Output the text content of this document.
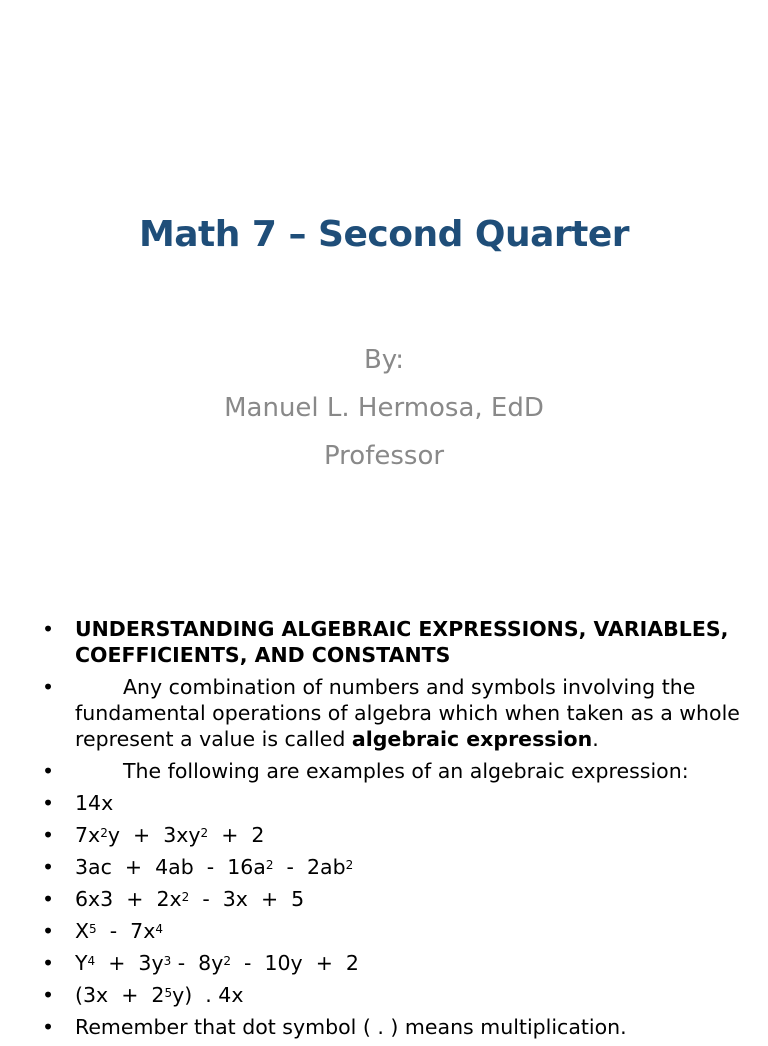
Math 7 – Second Quarter
By:
Manuel L. Hermosa, EdD
Professor
• UNDERSTANDING ALGEBRAIC EXPRESSIONS, VARIABLES, COEFFICIENTS, AND CONSTANTS
•	Any combination of numbers and symbols involving the fundamental operations of algebra which when taken as a whole represent a value is called algebraic expression.
•	The following are examples of an algebraic expression:
• 14x
• $7x^2y + 3xy^2 + 2$
• $3ac + 4ab - 16a^2 - 2ab^2$
• $6x3 + 2x^2 - 3x + 5$
• $X^5 - 7x^4$
• $Y^4 + 3y^3 - 8y^2 - 10y + 2$
• $(3x + 2^5y)$  . 4x
• Remember that dot symbol ( . ) means multiplication.
